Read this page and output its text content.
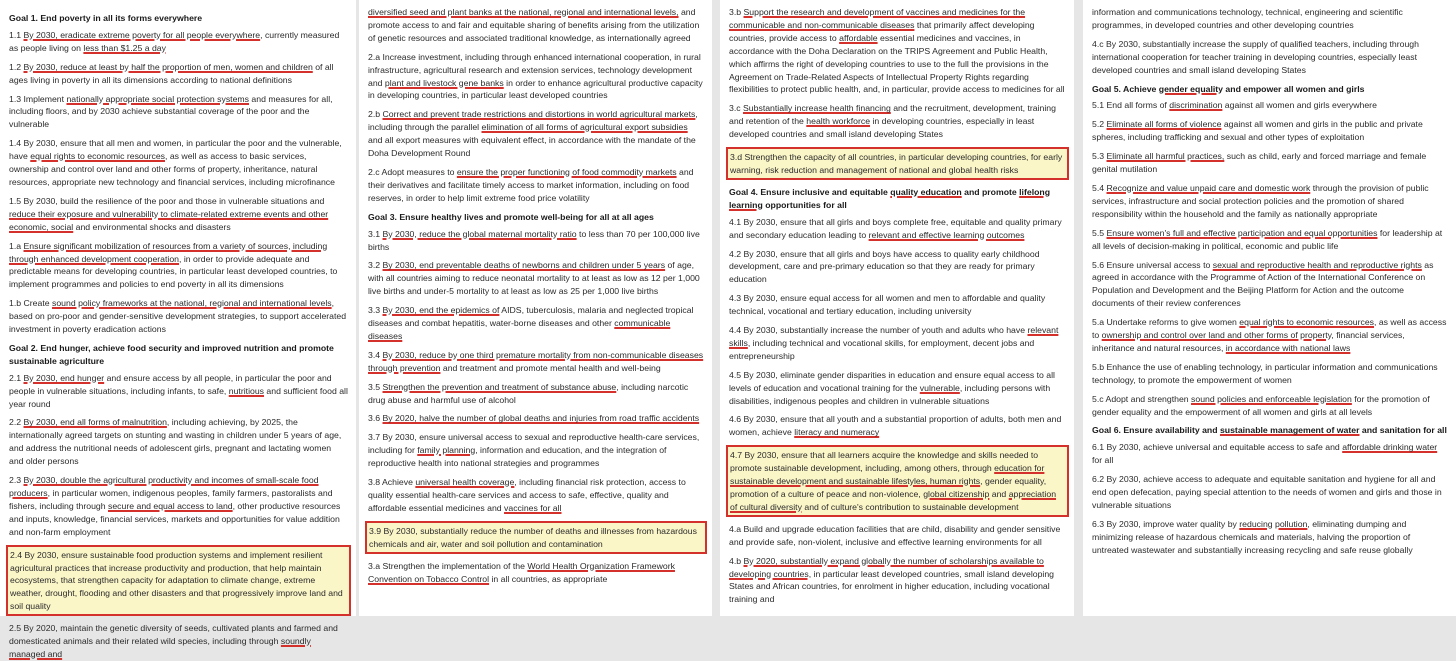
Goal 1. End poverty in all its forms everywhere
1.1 By 2030, eradicate extreme poverty for all people everywhere, currently measured as people living on less than $1.25 a day
1.2 By 2030, reduce at least by half the proportion of men, women and children of all ages living in poverty in all its dimensions according to national definitions
1.3 Implement nationally appropriate social protection systems and measures for all, including floors, and by 2030 achieve substantial coverage of the poor and the vulnerable
1.4 By 2030, ensure that all men and women, in particular the poor and the vulnerable, have equal rights to economic resources, as well as access to basic services, ownership and control over land and other forms of property, inheritance, natural resources, appropriate new technology and financial services, including microfinance
1.5 By 2030, build the resilience of the poor and those in vulnerable situations and reduce their exposure and vulnerability to climate-related extreme events and other economic, social and environmental shocks and disasters
1.a Ensure significant mobilization of resources from a variety of sources, including through enhanced development cooperation, in order to provide adequate and predictable means for developing countries, in particular least developed countries, to implement programmes and policies to end poverty in all its dimensions
1.b Create sound policy frameworks at the national, regional and international levels, based on pro-poor and gender-sensitive development strategies, to support accelerated investment in poverty eradication actions
Goal 2. End hunger, achieve food security and improved nutrition and promote sustainable agriculture
2.1 By 2030, end hunger and ensure access by all people, in particular the poor and people in vulnerable situations, including infants, to safe, nutritious and sufficient food all year round
2.2 By 2030, end all forms of malnutrition, including achieving, by 2025, the internationally agreed targets on stunting and wasting in children under 5 years of age, and address the nutritional needs of adolescent girls, pregnant and lactating women and older persons
2.3 By 2030, double the agricultural productivity and incomes of small-scale food producers, in particular women, indigenous peoples, family farmers, pastoralists and fishers, including through secure and equal access to land, other productive resources and inputs, knowledge, financial services, markets and opportunities for value addition and non-farm employment
2.4 By 2030, ensure sustainable food production systems and implement resilient agricultural practices that increase productivity and production, that help maintain ecosystems, that strengthen capacity for adaptation to climate change, extreme weather, drought, flooding and other disasters and that progressively improve land and soil quality
2.5 By 2020, maintain the genetic diversity of seeds, cultivated plants and farmed and domesticated animals and their related wild species, including through soundly managed and
diversified seed and plant banks at the national, regional and international levels, and promote access to and fair and equitable sharing of benefits arising from the utilization of genetic resources and associated traditional knowledge, as internationally agreed
2.a Increase investment, including through enhanced international cooperation, in rural infrastructure, agricultural research and extension services, technology development and plant and livestock gene banks in order to enhance agricultural productive capacity in developing countries, in particular least developed countries
2.b Correct and prevent trade restrictions and distortions in world agricultural markets, including through the parallel elimination of all forms of agricultural export subsidies and all export measures with equivalent effect, in accordance with the mandate of the Doha Development Round
2.c Adopt measures to ensure the proper functioning of food commodity markets and their derivatives and facilitate timely access to market information, including on food reserves, in order to help limit extreme food price volatility
Goal 3. Ensure healthy lives and promote well-being for all at all ages
3.1 By 2030, reduce the global maternal mortality ratio to less than 70 per 100,000 live births
3.2 By 2030, end preventable deaths of newborns and children under 5 years of age, with all countries aiming to reduce neonatal mortality to at least as low as 12 per 1,000 live births and under-5 mortality to at least as low as 25 per 1,000 live births
3.3 By 2030, end the epidemics of AIDS, tuberculosis, malaria and neglected tropical diseases and combat hepatitis, water-borne diseases and other communicable diseases
3.4 By 2030, reduce by one third premature mortality from non-communicable diseases through prevention and treatment and promote mental health and well-being
3.5 Strengthen the prevention and treatment of substance abuse, including narcotic drug abuse and harmful use of alcohol
3.6 By 2020, halve the number of global deaths and injuries from road traffic accidents
3.7 By 2030, ensure universal access to sexual and reproductive health-care services, including for family planning, information and education, and the integration of reproductive health into national strategies and programmes
3.8 Achieve universal health coverage, including financial risk protection, access to quality essential health-care services and access to safe, effective, quality and affordable essential medicines and vaccines for all
3.9 By 2030, substantially reduce the number of deaths and illnesses from hazardous chemicals and air, water and soil pollution and contamination
3.a Strengthen the implementation of the World Health Organization Framework Convention on Tobacco Control in all countries, as appropriate
3.b Support the research and development of vaccines and medicines for the communicable and non-communicable diseases that primarily affect developing countries, provide access to affordable essential medicines and vaccines, in accordance with the Doha Declaration on the TRIPS Agreement and Public Health, which affirms the right of developing countries to use to the full the provisions in the Agreement on Trade-Related Aspects of Intellectual Property Rights regarding flexibilities to protect public health, and, in particular, provide access to medicines for all
3.c Substantially increase health financing and the recruitment, development, training and retention of the health workforce in developing countries, especially in least developed countries and small island developing States
3.d Strengthen the capacity of all countries, in particular developing countries, for early warning, risk reduction and management of national and global health risks
Goal 4. Ensure inclusive and equitable quality education and promote lifelong learning opportunities for all
4.1 By 2030, ensure that all girls and boys complete free, equitable and quality primary and secondary education leading to relevant and effective learning outcomes
4.2 By 2030, ensure that all girls and boys have access to quality early childhood development, care and pre-primary education so that they are ready for primary education
4.3 By 2030, ensure equal access for all women and men to affordable and quality technical, vocational and tertiary education, including university
4.4 By 2030, substantially increase the number of youth and adults who have relevant skills, including technical and vocational skills, for employment, decent jobs and entrepreneurship
4.5 By 2030, eliminate gender disparities in education and ensure equal access to all levels of education and vocational training for the vulnerable, including persons with disabilities, indigenous peoples and children in vulnerable situations
4.6 By 2030, ensure that all youth and a substantial proportion of adults, both men and women, achieve literacy and numeracy
4.7 By 2030, ensure that all learners acquire the knowledge and skills needed to promote sustainable development, including, among others, through education for sustainable development and sustainable lifestyles, human rights, gender equality, promotion of a culture of peace and non-violence, global citizenship and appreciation of cultural diversity and of culture's contribution to sustainable development
4.a Build and upgrade education facilities that are child, disability and gender sensitive and provide safe, non-violent, inclusive and effective learning environments for all
4.b By 2020, substantially expand globally the number of scholarships available to developing countries, in particular least developed countries, small island developing States and African countries, for enrolment in higher education, including vocational training and
information and communications technology, technical, engineering and scientific programmes, in developed countries and other developing countries
4.c By 2030, substantially increase the supply of qualified teachers, including through international cooperation for teacher training in developing countries, especially least developed countries and small island developing States
Goal 5. Achieve gender equality and empower all women and girls
5.1 End all forms of discrimination against all women and girls everywhere
5.2 Eliminate all forms of violence against all women and girls in the public and private spheres, including trafficking and sexual and other types of exploitation
5.3 Eliminate all harmful practices, such as child, early and forced marriage and female genital mutilation
5.4 Recognize and value unpaid care and domestic work through the provision of public services, infrastructure and social protection policies and the promotion of shared responsibility within the household and the family as nationally appropriate
5.5 Ensure women's full and effective participation and equal opportunities for leadership at all levels of decision-making in political, economic and public life
5.6 Ensure universal access to sexual and reproductive health and reproductive rights as agreed in accordance with the Programme of Action of the International Conference on Population and Development and the Beijing Platform for Action and the outcome documents of their review conferences
5.a Undertake reforms to give women equal rights to economic resources, as well as access to ownership and control over land and other forms of property, financial services, inheritance and natural resources, in accordance with national laws
5.b Enhance the use of enabling technology, in particular information and communications technology, to promote the empowerment of women
5.c Adopt and strengthen sound policies and enforceable legislation for the promotion of gender equality and the empowerment of all women and girls at all levels
Goal 6. Ensure availability and sustainable management of water and sanitation for all
6.1 By 2030, achieve universal and equitable access to safe and affordable drinking water for all
6.2 By 2030, achieve access to adequate and equitable sanitation and hygiene for all and end open defecation, paying special attention to the needs of women and girls and those in vulnerable situations
6.3 By 2030, improve water quality by reducing pollution, eliminating dumping and minimizing release of hazardous chemicals and materials, halving the proportion of untreated wastewater and substantially increasing recycling and safe reuse globally
